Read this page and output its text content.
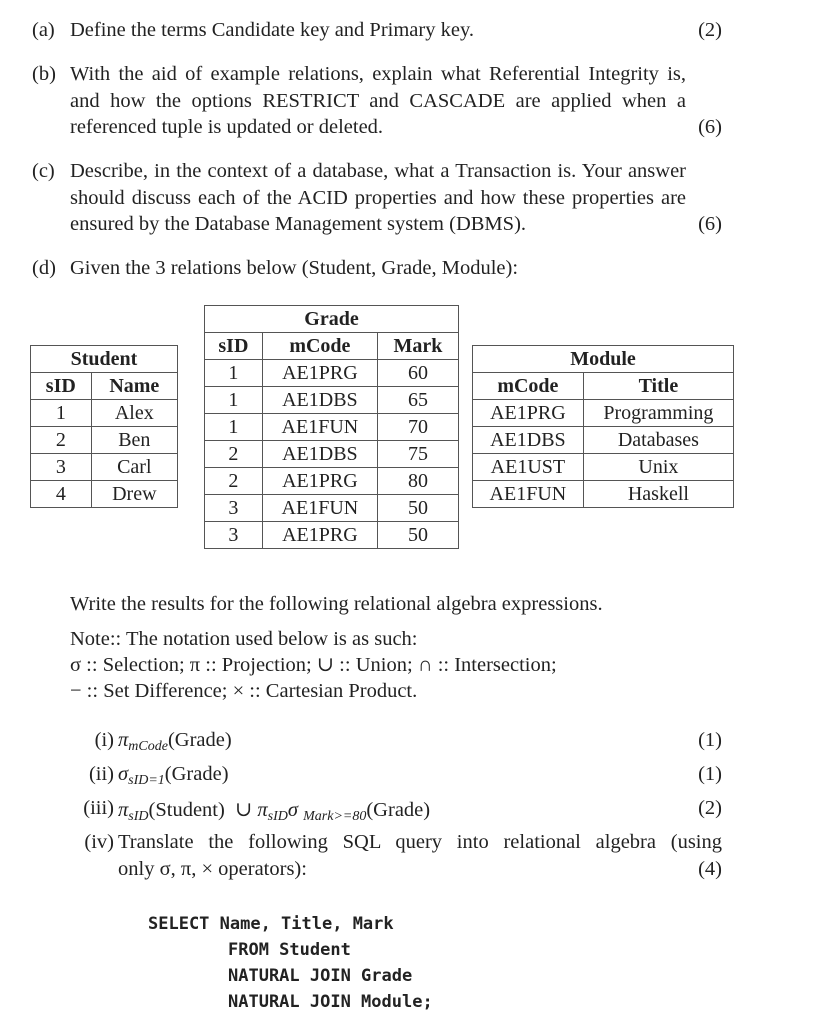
(a) Define the terms Candidate key and Primary key.	(2)
(b) With the aid of example relations, explain what Referential Integrity is, and how the options RESTRICT and CASCADE are applied when a referenced tuple is updated or deleted.	(6)
(c) Describe, in the context of a database, what a Transaction is. Your answer should discuss each of the ACID properties and how these properties are ensured by the Database Management system (DBMS).	(6)
(d) Given the 3 relations below (Student, Grade, Module):
Student	
sID	Name
1	Alex
2	Ben
3	Carl
4	Drew
Grade		
sID	mCode	Mark
1	AE1PRG	60
1	AE1DBS	65
1	AE1FUN	70
2	AE1DBS	75
2	AE1PRG	80
3	AE1FUN	50
3	AE1PRG	50
Module	
mCode	Title
AE1PRG	Programming
AE1DBS	Databases
AE1UST	Unix
AE1FUN	Haskell
Write the results for the following relational algebra expressions.
Note:: The notation used below is as such:
σ :: Selection; π :: Projection; ∪ :: Union; ∩ :: Intersection;
− :: Set Difference; × :: Cartesian Product.
(i) $\pi_{mCode}(Grade)$	(1)
(ii) $\sigma_{sID=1}(Grade)$	(1)
(iii) $\pi_{sID}(Student)$ ∪ $\pi_{sID}\sigma$ $_{Mark>=80}$(Grade)	(2)
(iv) Translate the following SQL query into relational algebra (using
only σ, π, × operators):	(4)
SELECT Name, Title, Mark
FROM Student
NATURAL JOIN Grade
NATURAL JOIN Module;
